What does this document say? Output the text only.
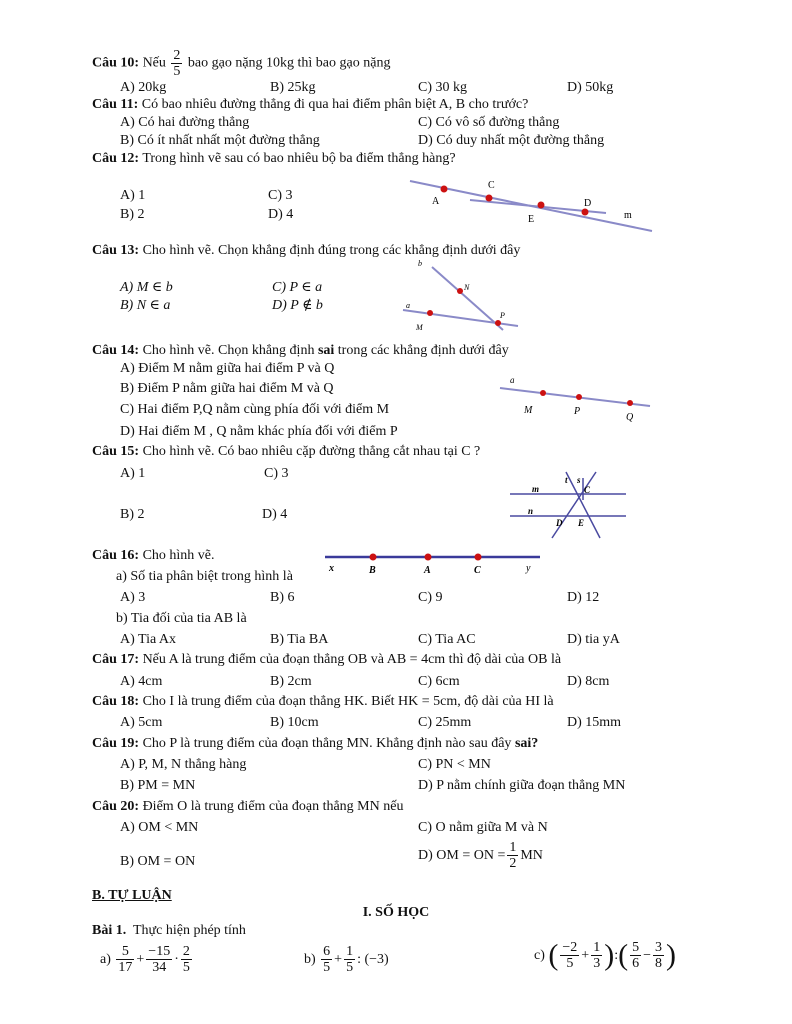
Câu 10: Nếu $\frac{2}{5}$ bao gạo nặng 10kg thì bao gạo nặng
A) 20kg	B) 25kg	C) 30 kg	D) 50kg
Câu 11: Có bao nhiêu đường thẳng đi qua hai điểm phân biệt A, B cho trước?
A) Có hai đường thẳng	C) Có vô số đường thẳng
B) Có ít nhất nhất một đường thẳng	D) Có duy nhất một đường thẳng
Câu 12: Trong hình vẽ sau có bao nhiêu bộ ba điểm thẳng hàng?
A) 1	C) 3
B) 2	D) 4
A
C
E
D
m
Câu 13: Cho hình vẽ. Chọn khẳng định đúng trong các khẳng định dưới đây
A) M ∈ b	C) P ∈ a
B) N ∈ a	D) P ∉ b
b
N
a
P
M
Câu 14: Cho hình vẽ. Chọn khẳng định sai trong các khẳng định dưới đây
A) Điểm M nằm giữa hai điểm P và Q
B) Điểm P nằm giữa hai điểm M và Q
C) Hai điểm P,Q nằm cùng phía đối với điểm M
D) Hai điểm M , Q nằm khác phía đối với điểm P
a
M	P
Q
Câu 15: Cho hình vẽ. Có bao nhiêu cặp đường thẳng cắt nhau tại C ?
A) 1	C) 3
B) 2	D) 4
t s
m	C
n
D E
Câu 16: Cho hình vẽ.
a) Số tia phân biệt trong hình là
x	B	A	C	y
A) 3	B) 6	C) 9	D) 12
b) Tia đối của tia AB là
A) Tia Ax	B) Tia BA	C) Tia AC	D) tia yA
Câu 17: Nếu A là trung điểm của đoạn thẳng OB và AB = 4cm thì độ dài của OB là
A) 4cm	B) 2cm	C) 6cm	D) 8cm
Câu 18: Cho I là trung điểm của đoạn thẳng HK. Biết HK = 5cm, độ dài của HI là
A) 5cm	B) 10cm	C) 25mm	D) 15mm
Câu 19: Cho P là trung điểm của đoạn thẳng MN. Khẳng định nào sau đây sai?
A) P, M, N thẳng hàng	C) PN < MN
B) PM = MN	D) P nằm chính giữa đoạn thẳng MN
Câu 20: Điểm O là trung điểm của đoạn thẳng MN nếu
A) OM < MN	C) O nằm giữa M và N
B) OM = ON	D) OM = ON = $\frac{1}{2}$ MN
B. TỰ LUẬN
I. SỐ HỌC
Bài 1. Thực hiện phép tính
$a) \frac{5}{17} + \frac{-15}{34} \cdot \frac{2}{5}$	$b) \frac{6}{5} + \frac{1}{5}$ : (−3)	c) ( $\frac{-2}{5} + \frac{1}{3}$ ):( $\frac{5}{6} - \frac{3}{8}$ )
